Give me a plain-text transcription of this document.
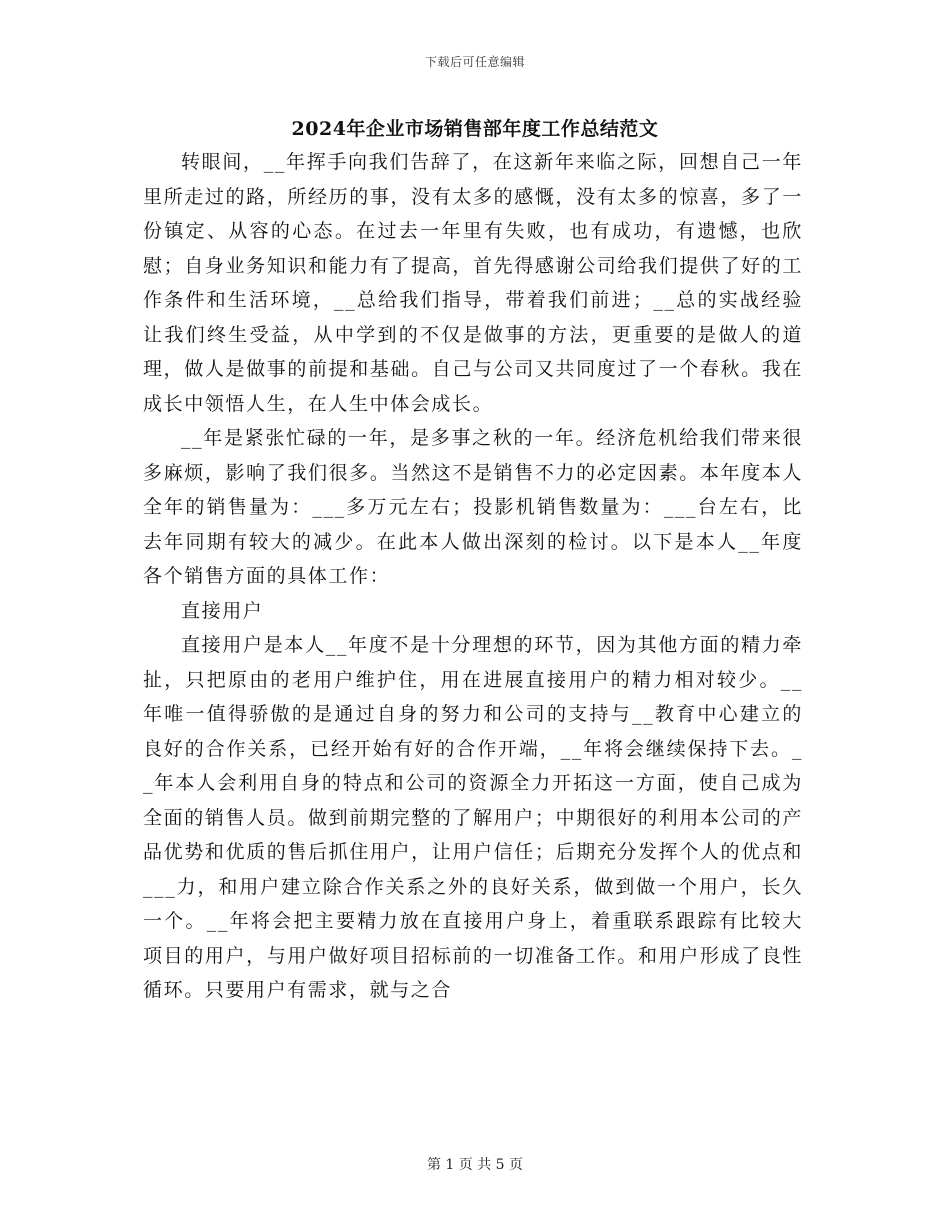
下载后可任意编辑
2024年企业市场销售部年度工作总结范文

转眼间，__年挥手向我们告辞了，在这新年来临之际，回想自己一年里所走过的路，所经历的事，没有太多的感慨，没有太多的惊喜，多了一份镇定、从容的心态。在过去一年里有失败，也有成功，有遗憾，也欣慰；自身业务知识和能力有了提高，首先得感谢公司给我们提供了好的工作条件和生活环境，__总给我们指导，带着我们前进；__总的实战经验让我们终生受益，从中学到的不仅是做事的方法，更重要的是做人的道理，做人是做事的前提和基础。自己与公司又共同度过了一个春秋。我在成长中领悟人生，在人生中体会成长。

__年是紧张忙碌的一年，是多事之秋的一年。经济危机给我们带来很多麻烦，影响了我们很多。当然这不是销售不力的必定因素。本年度本人全年的销售量为：___多万元左右；投影机销售数量为：___台左右，比去年同期有较大的减少。在此本人做出深刻的检讨。以下是本人__年度各个销售方面的具体工作：

直接用户

直接用户是本人__年度不是十分理想的环节，因为其他方面的精力牵扯，只把原由的老用户维护住，用在进展直接用户的精力相对较少。__年唯一值得骄傲的是通过自身的努力和公司的支持与__教育中心建立的良好的合作关系，已经开始有好的合作开端，__年将会继续保持下去。__年本人会利用自身的特点和公司的资源全力开拓这一方面，使自己成为全面的销售人员。做到前期完整的了解用户；中期很好的利用本公司的产品优势和优质的售后抓住用户，让用户信任；后期充分发挥个人的优点和___力，和用户建立除合作关系之外的良好关系，做到做一个用户，长久一个。__年将会把主要精力放在直接用户身上，着重联系跟踪有比较大项目的用户，与用户做好项目招标前的一切准备工作。和用户形成了良性循环。只要用户有需求，就与之合

第 1 页 共 5 页
